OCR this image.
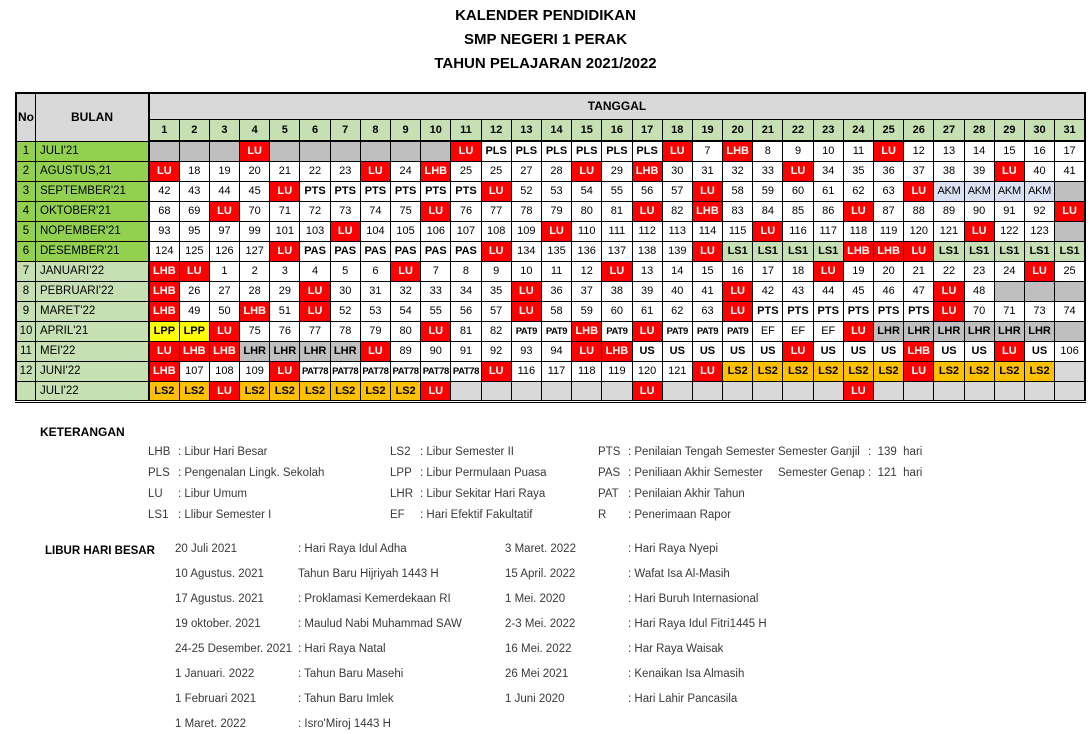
KALENDER PENDIDIKAN
SMP NEGERI 1 PERAK
TAHUN PELAJARAN 2021/2022
No	BULAN	TANGGAL																														
		1	2	3	4	5	6	7	8	9	10	11	12	13	14	15	16	17	18	19	20	21	22	23	24	25	26	27	28	29	30	31
1	JULI'21				LU							LU	PLS	PLS	PLS	PLS	PLS	PLS	LU	7	LHB	8	9	10	11	LU	12	13	14	15	16	17
2	AGUSTUS,21	LU	18	19	20	21	22	23	LU	24	LHB	25	25	27	28	LU	29	LHB	30	31	32	33	LU	34	35	36	37	38	39	LU	40	41
3	SEPTEMBER'21	42	43	44	45	LU	PTS	PTS	PTS	PTS	PTS	PTS	LU	52	53	54	55	56	57	LU	58	59	60	61	62	63	LU	AKM	AKM	AKM	AKM	
4	OKTOBER'21	68	69	LU	70	71	72	73	74	75	LU	76	77	78	79	80	81	LU	82	LHB	83	84	85	86	LU	87	88	89	90	91	92	LU
5	NOPEMBER'21	93	95	97	99	101	103	LU	104	105	106	107	108	109	LU	110	111	112	113	114	115	LU	116	117	118	119	120	121	LU	122	123	
6	DESEMBER'21	124	125	126	127	LU	PAS	PAS	PAS	PAS	PAS	PAS	LU	134	135	136	137	138	139	LU	LS1	LS1	LS1	LS1	LHB	LHB	LU	LS1	LS1	LS1	LS1	LS1
7	JANUARI'22	LHB	LU	1	2	3	4	5	6	LU	7	8	9	10	11	12	LU	13	14	15	16	17	18	LU	19	20	21	22	23	24	LU	25
8	PEBRUARI'22	LHB	26	27	28	29	LU	30	31	32	33	34	35	LU	36	37	38	39	40	41	LU	42	43	44	45	46	47	LU	48			
9	MARET'22	LHB	49	50	LHB	51	LU	52	53	54	55	56	57	LU	58	59	60	61	62	63	LU	PTS	PTS	PTS	PTS	PTS	PTS	LU	70	71	73	74
10	APRIL'21	LPP	LPP	LU	75	76	77	78	79	80	LU	81	82	PAT9	PAT9	LHB	PAT9	LU	PAT9	PAT9	PAT9	EF	EF	EF	LU	LHR	LHR	LHR	LHR	LHR	LHR	
11	MEI'22	LU	LHB	LHB	LHR	LHR	LHR	LHR	LU	89	90	91	92	93	94	LU	LHB	US	US	US	US	US	LU	US	US	US	LHB	US	US	LU	US	106
12	JUNI'22	LHB	107	108	109	LU	PAT78	PAT78	PAT78	PAT78	PAT78	PAT78	LU	116	117	118	119	120	121	LU	LS2	LS2	LS2	LS2	LS2	LS2	LU	LS2	LS2	LS2	LS2	
	JULI'22	LS2	LS2	LU	LS2	LS2	LS2	LS2	LS2	LS2	LU							LU							LU							
KETERANGAN
LHB : Libur Hari Besar
PLS : Pengenalan Lingk. Sekolah
LU	: Libur Umum
LS1 : Llibur Semester I
LS2 : Libur Semester II
LPP : Libur Permulaan Puasa
LHR : Libur Sekitar Hari Raya
EF	: Hari Efektif Fakultatif
PTS : Penilaian Tengah Semester
PAS : Peniliaan Akhir Semester
PAT : Penilaian Akhir Tahun
R	: Penerimaan Rapor
Semester Ganjil :  139  hari
Semester Genap :  121  hari
LIBUR HARI BESAR 20 Juli 2021	: Hari Raya Idul Adha
10 Agustus. 2021	Tahun Baru Hijriyah 1443 H
17 Agustus. 2021	: Proklamasi Kemerdekaan RI
19 oktober. 2021	: Maulud Nabi Muhammad SAW
24-25 Desember. 2021 : Hari Raya Natal
1 Januari. 2022	: Tahun Baru Masehi
1 Februari 2021	: Tahun Baru Imlek
1 Maret. 2022	: Isro'Miroj 1443 H
3 Maret. 2022	: Hari Raya Nyepi
15 April. 2022	: Wafat Isa Al-Masih
1 Mei. 2020	: Hari Buruh Internasional
2-3 Mei. 2022	: Hari Raya Idul Fitri1445 H
16 Mei. 2022	: Har Raya Waisak
26 Mei 2021	: Kenaikan Isa Almasih
1 Juni 2020	: Hari Lahir Pancasila
